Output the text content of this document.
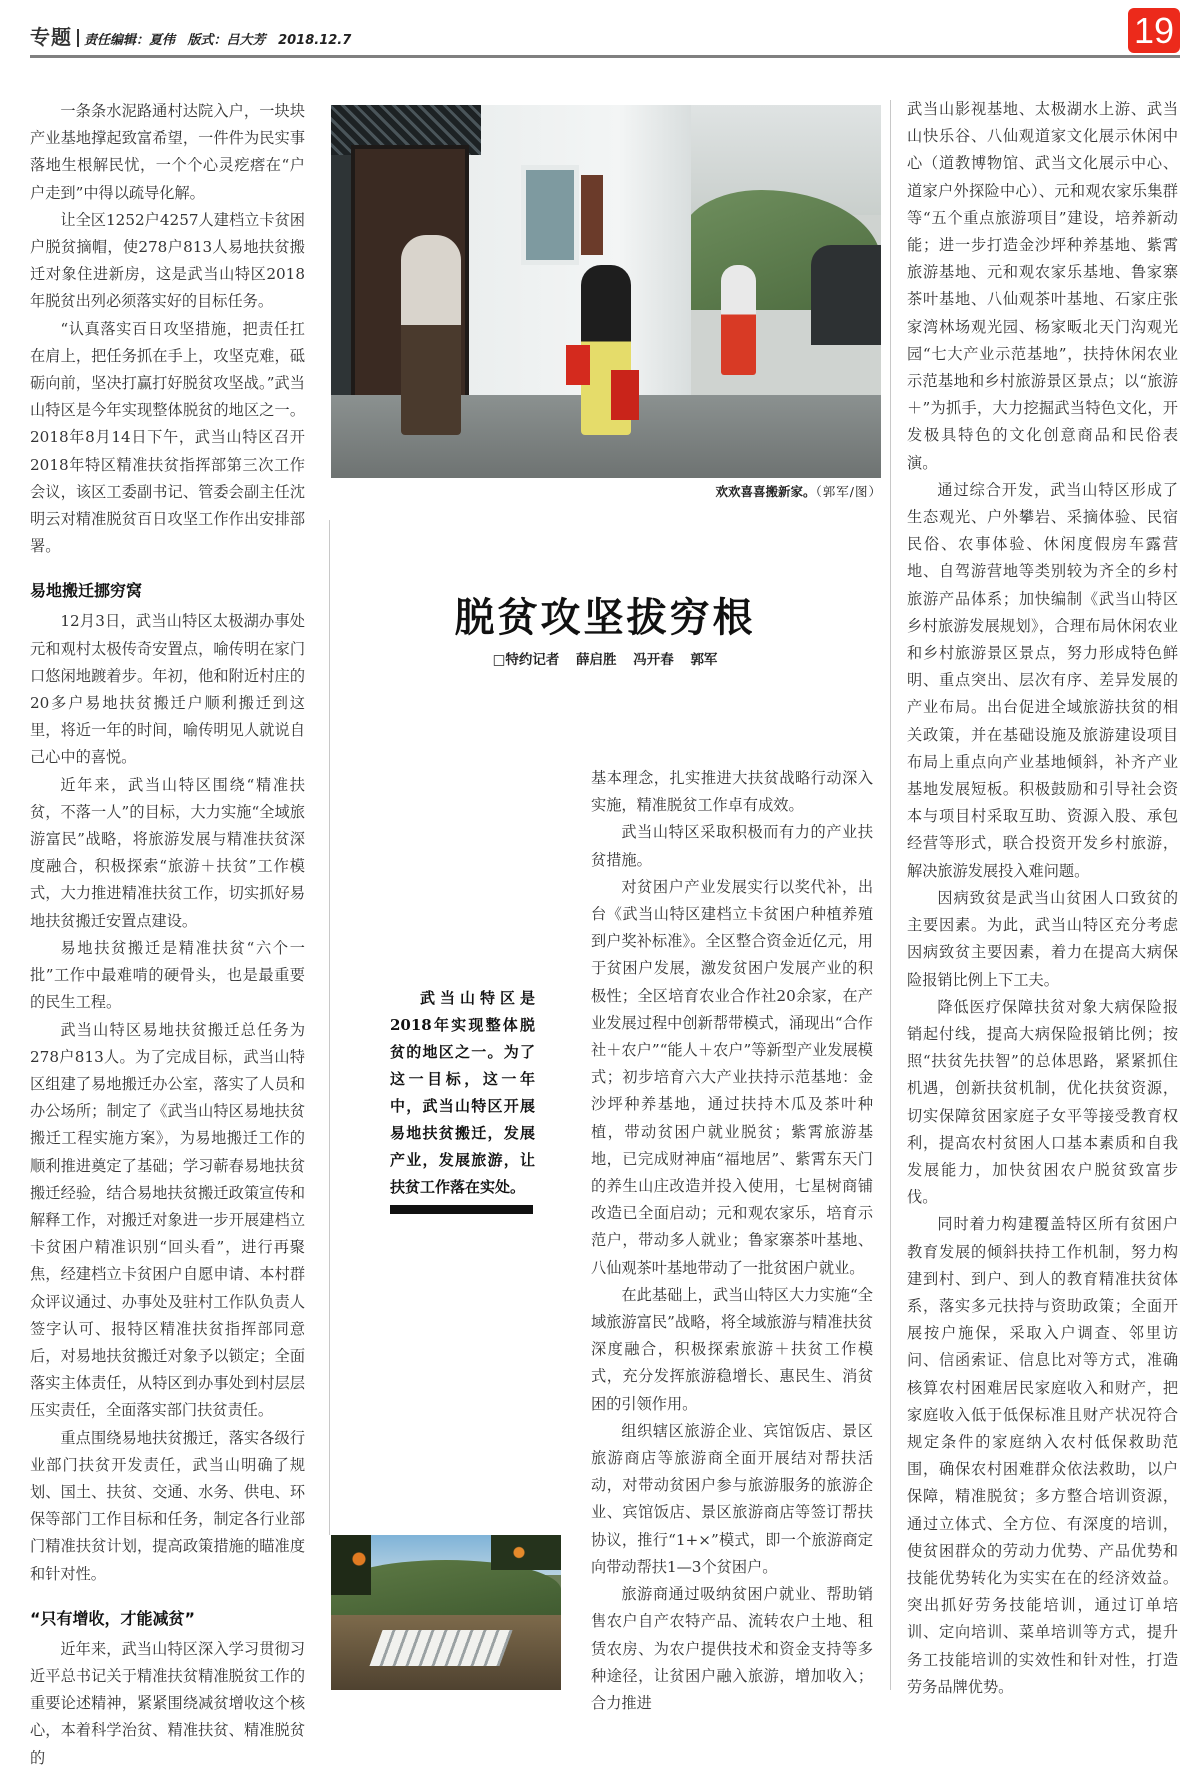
专题 责任编辑：夏伟 版式：吕大芳 2018.12.7	19

一条条水泥路通村达院入户，一块块产业基地撑起致富希望，一件件为民实事落地生根解民忧，一个个心灵疙瘩在“户户走到”中得以疏导化解。

让全区1252户4257人建档立卡贫困户脱贫摘帽，使278户813人易地扶贫搬迁对象住进新房，这是武当山特区2018年脱贫出列必须落实好的目标任务。

“认真落实百日攻坚措施，把责任扛在肩上，把任务抓在手上，攻坚克难，砥砺向前，坚决打赢打好脱贫攻坚战。”武当山特区是今年实现整体脱贫的地区之一。2018年8月14日下午，武当山特区召开2018年特区精准扶贫指挥部第三次工作会议，该区工委副书记、管委会副主任沈明云对精准脱贫百日攻坚工作作出安排部署。

易地搬迁挪穷窝

12月3日，武当山特区太极湖办事处元和观村太极传奇安置点，喻传明在家门口悠闲地踱着步。年初，他和附近村庄的20多户易地扶贫搬迁户顺利搬迁到这里，将近一年的时间，喻传明见人就说自己心中的喜悦。

近年来，武当山特区围绕“精准扶贫，不落一人”的目标，大力实施“全域旅游富民”战略，将旅游发展与精准扶贫深度融合，积极探索“旅游＋扶贫”工作模式，大力推进精准扶贫工作，切实抓好易地扶贫搬迁安置点建设。

易地扶贫搬迁是精准扶贫“六个一批”工作中最难啃的硬骨头，也是最重要的民生工程。

武当山特区易地扶贫搬迁总任务为278户813人。为了完成目标，武当山特区组建了易地搬迁办公室，落实了人员和办公场所；制定了《武当山特区易地扶贫搬迁工程实施方案》，为易地搬迁工作的顺利推进奠定了基础；学习蕲春易地扶贫搬迁经验，结合易地扶贫搬迁政策宣传和解释工作，对搬迁对象进一步开展建档立卡贫困户精准识别“回头看”，进行再聚焦，经建档立卡贫困户自愿申请、本村群众评议通过、办事处及驻村工作队负责人签字认可、报特区精准扶贫指挥部同意后，对易地扶贫搬迁对象予以锁定；全面落实主体责任，从特区到办事处到村层层压实责任，全面落实部门扶贫责任。

重点围绕易地扶贫搬迁，落实各级行业部门扶贫开发责任，武当山明确了规划、国土、扶贫、交通、水务、供电、环保等部门工作目标和任务，制定各行业部门精准扶贫计划，提高政策措施的瞄准度和针对性。

“只有增收，才能减贫”

近年来，武当山特区深入学习贯彻习近平总书记关于精准扶贫精准脱贫工作的重要论述精神，紧紧围绕减贫增收这个核心，本着科学治贫、精准扶贫、精准脱贫的

欢欢喜喜搬新家。（郭军/图）
脱贫攻坚拔穷根
□特约记者 薛启胜 冯开春 郭军
武当山特区是2018年实现整体脱贫的地区之一。为了这一目标，这一年中，武当山特区开展易地扶贫搬迁，发展产业，发展旅游，让扶贫工作落在实处。

基本理念，扎实推进大扶贫战略行动深入实施，精准脱贫工作卓有成效。

武当山特区采取积极而有力的产业扶贫措施。

对贫困户产业发展实行以奖代补，出台《武当山特区建档立卡贫困户种植养殖到户奖补标准》。全区整合资金近亿元，用于贫困户发展，激发贫困户发展产业的积极性；全区培育农业合作社20余家，在产业发展过程中创新帮带模式，涌现出“合作社＋农户”“能人＋农户”等新型产业发展模式；初步培育六大产业扶持示范基地：金沙坪种养基地，通过扶持木瓜及茶叶种植，带动贫困户就业脱贫；紫霄旅游基地，已完成财神庙“福地居”、紫霄东天门的养生山庄改造并投入使用，七星树商铺改造已全面启动；元和观农家乐，培育示范户，带动多人就业；鲁家寨茶叶基地、八仙观茶叶基地带动了一批贫困户就业。

在此基础上，武当山特区大力实施“全域旅游富民”战略，将全域旅游与精准扶贫深度融合，积极探索旅游＋扶贫工作模式，充分发挥旅游稳增长、惠民生、消贫困的引领作用。

组织辖区旅游企业、宾馆饭店、景区旅游商店等旅游商全面开展结对帮扶活动，对带动贫困户参与旅游服务的旅游企业、宾馆饭店、景区旅游商店等签订帮扶协议，推行“1+×”模式，即一个旅游商定向带动帮扶1—3个贫困户。

旅游商通过吸纳贫困户就业、帮助销售农户自产农特产品、流转农户土地、租赁农房、为农户提供技术和资金支持等多种途径，让贫困户融入旅游，增加收入；合力推进

武当山影视基地、太极湖水上游、武当山快乐谷、八仙观道家文化展示休闲中心（道教博物馆、武当文化展示中心、道家户外探险中心）、元和观农家乐集群等“五个重点旅游项目”建设，培养新动能；进一步打造金沙坪种养基地、紫霄旅游基地、元和观农家乐基地、鲁家寨茶叶基地、八仙观茶叶基地、石家庄张家湾林场观光园、杨家畈北天门沟观光园“七大产业示范基地”，扶持休闲农业示范基地和乡村旅游景区景点；以“旅游＋”为抓手，大力挖掘武当特色文化，开发极具特色的文化创意商品和民俗表演。

通过综合开发，武当山特区形成了生态观光、户外攀岩、采摘体验、民宿民俗、农事体验、休闲度假房车露营地、自驾游营地等类别较为齐全的乡村旅游产品体系；加快编制《武当山特区乡村旅游发展规划》，合理布局休闲农业和乡村旅游景区景点，努力形成特色鲜明、重点突出、层次有序、差异发展的产业布局。出台促进全域旅游扶贫的相关政策，并在基础设施及旅游建设项目布局上重点向产业基地倾斜，补齐产业基地发展短板。积极鼓励和引导社会资本与项目村采取互助、资源入股、承包经营等形式，联合投资开发乡村旅游，解决旅游发展投入难问题。

因病致贫是武当山贫困人口致贫的主要因素。为此，武当山特区充分考虑因病致贫主要因素，着力在提高大病保险报销比例上下工夫。

降低医疗保障扶贫对象大病保险报销起付线，提高大病保险报销比例；按照“扶贫先扶智”的总体思路，紧紧抓住机遇，创新扶贫机制，优化扶贫资源，切实保障贫困家庭子女平等接受教育权利，提高农村贫困人口基本素质和自我发展能力，加快贫困农户脱贫致富步伐。

同时着力构建覆盖特区所有贫困户教育发展的倾斜扶持工作机制，努力构建到村、到户、到人的教育精准扶贫体系，落实多元扶持与资助政策；全面开展按户施保，采取入户调查、邻里访问、信函索证、信息比对等方式，准确核算农村困难居民家庭收入和财产，把家庭收入低于低保标准且财产状况符合规定条件的家庭纳入农村低保救助范围，确保农村困难群众依法救助，以户保障，精准脱贫；多方整合培训资源，通过立体式、全方位、有深度的培训，使贫困群众的劳动力优势、产品优势和技能优势转化为实实在在的经济效益。突出抓好劳务技能培训，通过订单培训、定向培训、菜单培训等方式，提升务工技能培训的实效性和针对性，打造劳务品牌优势。
